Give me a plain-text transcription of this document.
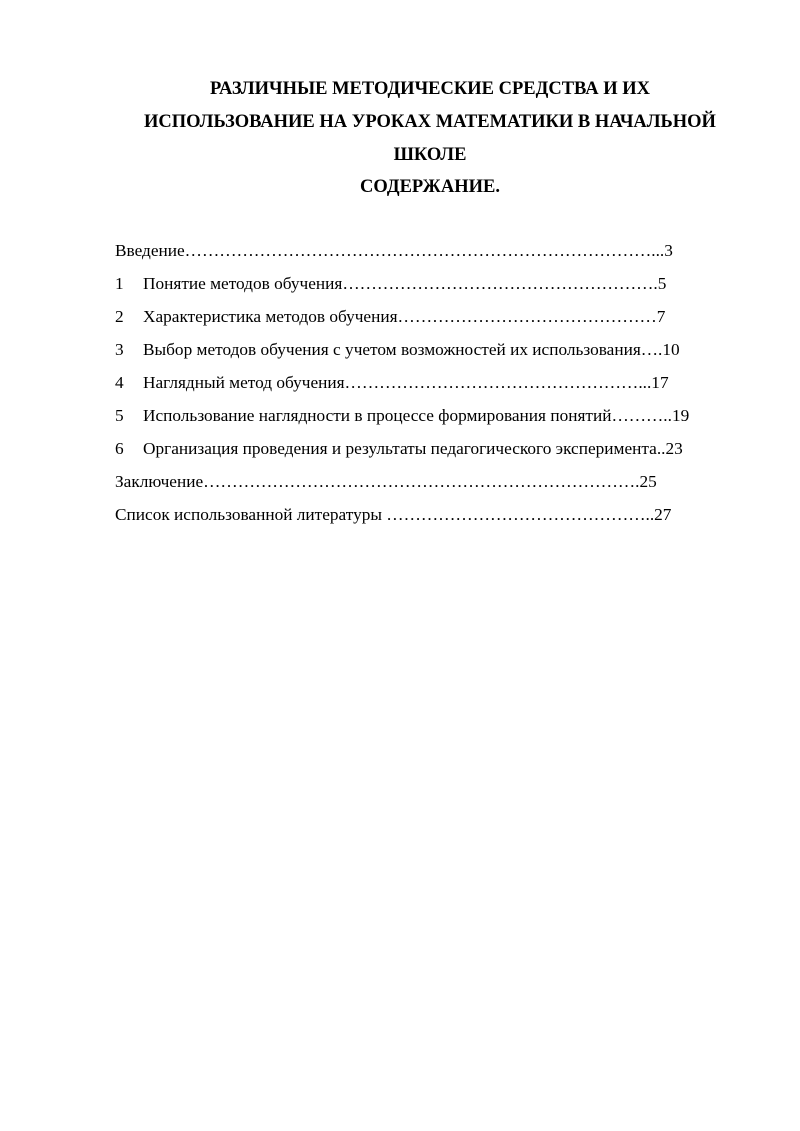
РАЗЛИЧНЫЕ МЕТОДИЧЕСКИЕ СРЕДСТВА И ИХ
ИСПОЛЬЗОВАНИЕ НА УРОКАХ МАТЕМАТИКИ В НАЧАЛЬНОЙ
ШКОЛЕ
СОДЕРЖАНИЕ.
Введение………………………………………………………………………...3
1 Понятие методов обучения……………………………………………….5
2 Характеристика методов обучения………………………………………7
3 Выбор методов обучения с учетом возможностей их использования….10
4 Наглядный метод обучения……………………………………………...17
5 Использование наглядности в процессе формирования понятий………..19
6 Организация проведения и результаты педагогического эксперимента..23
Заключение………………………………………………………………….25
Список использованной литературы ………………………………………..27
